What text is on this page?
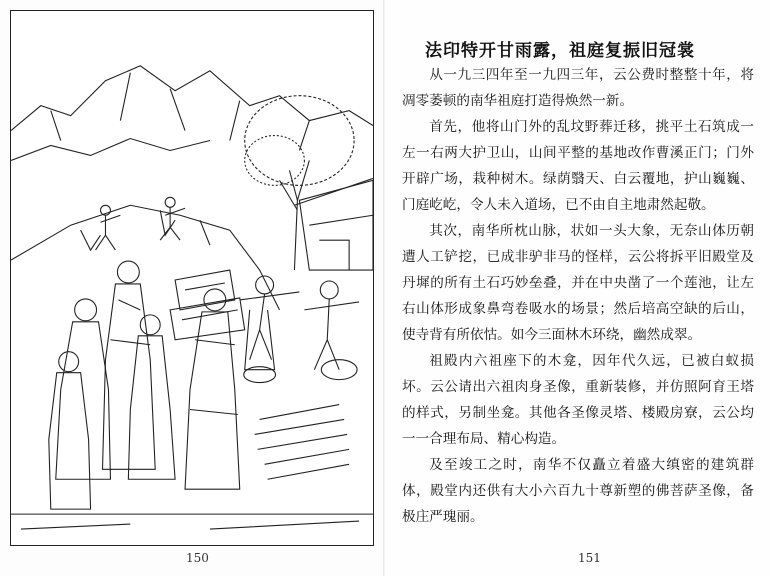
150
法印特开甘雨露，祖庭复振旧冠裳

从一九三四年至一九四三年，云公费时整整十年，将凋零萎顿的南华祖庭打造得焕然一新。

首先，他将山门外的乱坟野葬迁移，挑平土石筑成一左一右两大护卫山，山间平整的基地改作曹溪正门；门外开辟广场，栽种树木。绿荫翳天、白云覆地，护山巍巍、门庭屹屹，令人未入道场，已不由自主地肃然起敬。

其次，南华所枕山脉，状如一头大象，无奈山体历朝遭人工铲挖，已成非驴非马的怪样，云公将拆平旧殿堂及丹墀的所有土石巧妙垒叠，并在中央凿了一个莲池，让左右山体形成象鼻弯卷吸水的场景；然后培高空缺的后山，使寺背有所依怙。如今三面林木环绕，幽然成翠。

祖殿内六祖座下的木龛，因年代久远，已被白蚁损坏。云公请出六祖肉身圣像，重新装修，并仿照阿育王塔的样式，另制坐龛。其他各圣像灵塔、楼殿房寮，云公均一一合理布局、精心构造。

及至竣工之时，南华不仅矗立着盛大缜密的建筑群体，殿堂内还供有大小六百九十尊新塑的佛菩萨圣像，备极庄严瑰丽。

151
